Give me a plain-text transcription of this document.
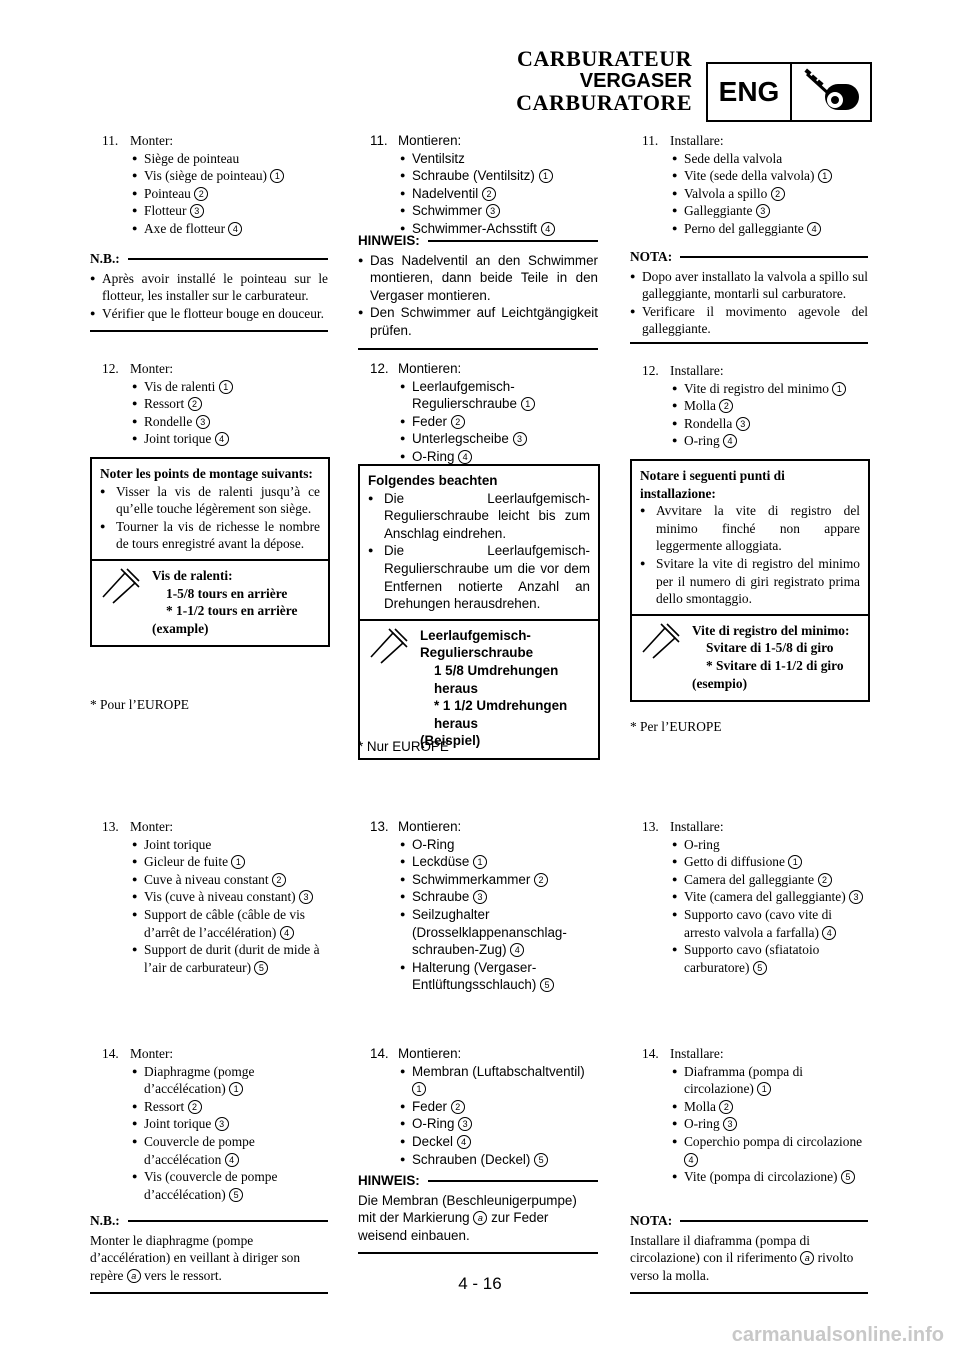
CARBURATEUR
VERGASER
CARBURATORE ENG
11. Monter:
● Siège de pointeau
● Vis (siège de pointeau) 1
● Pointeau 2
● Flotteur 3
● Axe de flotteur 4
N.B.:
● Après avoir installé le pointeau sur le flotteur, les installer sur le carburateur.
● Vérifier que le flotteur bouge en douceur.
12. Monter:
● Vis de ralenti 1
● Ressort 2
● Rondelle 3
● Joint torique 4
Noter les points de montage suivants:
● Visser la vis de ralenti jusqu’à ce qu’elle touche légèrement son siège.
● Tourner la vis de richesse le nombre de tours enregistré avant la dépose.
Vis de ralenti:
1-5/8 tours en arrière
* 1-1/2 tours en arrière
(example)
* Pour l’EUROPE
13. Monter:
● Joint torique
● Gicleur de fuite 1
● Cuve à niveau constant 2
● Vis (cuve à niveau constant) 3
● Support de câble (câble de vis d’arrêt de l’accélération) 4
● Support de durit (durit de mide à l’air de carburateur) 5
14. Monter:
● Diaphragme (pomge d’accélécation) 1
● Ressort 2
● Joint torique 3
● Couvercle de pompe d’accélécation 4
● Vis (couvercle de pompe d’accélécation) 5
N.B.:
Monter le diaphragme (pompe d’accélération) en veillant à diriger son repère a vers le ressort.
11. Montieren:
● Ventilsitz
● Schraube (Ventilsitz) 1
● Nadelventil 2
● Schwimmer 3
● Schwimmer-Achsstift 4
HINWEIS:
● Das Nadelventil an den Schwimmer montieren, dann beide Teile in den Vergaser montieren.
● Den Schwimmer auf Leichtgängigkeit prüfen.
12. Montieren:
● Leerlaufgemisch-Regulierschraube 1
● Feder 2
● Unterlegscheibe 3
● O-Ring 4
Folgendes beachten
● Die Leerlaufgemisch-Regulierschraube leicht bis zum Anschlag eindrehen.
● Die Leerlaufgemisch-Regulierschraube um die vor dem Entfernen notierte Anzahl an Drehungen herausdrehen.
Leerlaufgemisch-Regulierschraube
1 5/8 Umdrehungen heraus
* 1 1/2 Umdrehungen heraus
(Beispiel)
* Nur EUROPE
13. Montieren:
● O-Ring
● Leckdüse 1
● Schwimmerkammer 2
● Schraube 3
● Seilzughalter (Drosselklappenanschlag-schrauben-Zug) 4
● Halterung (Vergaser-Entlüftungsschlauch) 5
14. Montieren:
● Membran (Luftabschaltventil) 1
● Feder 2
● O-Ring 3
● Deckel 4
● Schrauben (Deckel) 5
HINWEIS:
Die Membran (Beschleunigerpumpe) mit der Markierung a zur Feder weisend einbauen.
11. Installare:
● Sede della valvola
● Vite (sede della valvola) 1
● Valvola a spillo 2
● Galleggiante 3
● Perno del galleggiante 4
NOTA:
● Dopo aver installato la valvola a spillo sul galleggiante, montarli sul carburatore.
● Verificare il movimento agevole del galleggiante.
12. Installare:
● Vite di registro del minimo 1
● Molla 2
● Rondella 3
● O-ring 4
Notare i seguenti punti di installazione:
● Avvitare la vite di registro del minimo finché non appare leggermente alloggiata.
● Svitare la vite di registro del minimo per il numero di giri registrato prima dello smontaggio.
Vite di registro del minimo:
Svitare di 1-5/8 di giro
* Svitare di 1-1/2 di giro
(esempio)
* Per l’EUROPE
13. Installare:
● O-ring
● Getto di diffusione 1
● Camera del galleggiante 2
● Vite (camera del galleggiante) 3
● Supporto cavo (cavo vite di arresto valvola a farfalla) 4
● Supporto cavo (sfiatatoio carburatore) 5
14. Installare:
● Diaframma (pompa di circolazione) 1
● Molla 2
● O-ring 3
● Coperchio pompa di circolazione 4
● Vite (pompa di circolazione) 5
NOTA:
Installare il diaframma (pompa di circolazione) con il riferimento a rivolto verso la molla.
4 - 16
carmanualsonline.info
